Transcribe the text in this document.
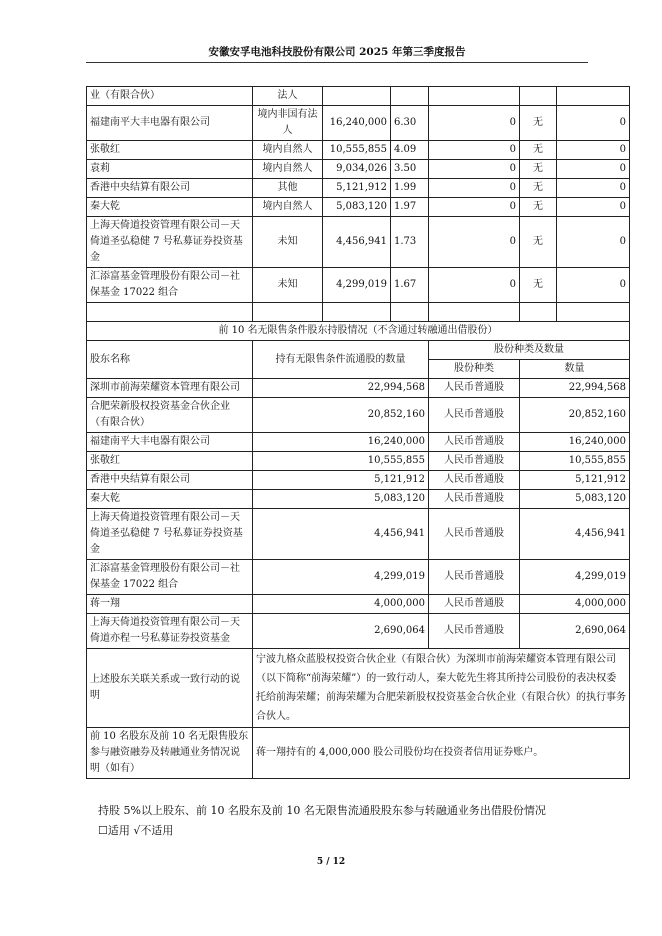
安徽安孚电池科技股份有限公司 2025 年第三季度报告
业（有限合伙）	法人					
福建南平大丰电器有限公司	境内非国有法人	16,240,000	6.30	0	无	0
张敬红	境内自然人	10,555,855	4.09	0	无	0
袁莉	境内自然人	9,034,026	3.50	0	无	0
香港中央结算有限公司	其他	5,121,912	1.99	0	无	0
秦大乾	境内自然人	5,083,120	1.97	0	无	0
上海天倚道投资管理有限公司－天倚道圣弘稳健 7 号私募证券投资基金	未知	4,456,941	1.73	0	无	0
汇添富基金管理股份有限公司－社保基金 17022 组合	未知	4,299,019	1.67	0	无	0

前 10 名无限售条件股东持股情况（不含通过转融通出借股份）						
股东名称	持有无限售条件流通股的数量			股份种类及数量		
				股份种类	数量	
深圳市前海荣耀资本管理有限公司	22,994,568			人民币普通股	22,994,568	
合肥荣新股权投资基金合伙企业（有限合伙）	20,852,160			人民币普通股	20,852,160	
福建南平大丰电器有限公司	16,240,000			人民币普通股	16,240,000	
张敬红	10,555,855			人民币普通股	10,555,855	
香港中央结算有限公司	5,121,912			人民币普通股	5,121,912	
秦大乾	5,083,120			人民币普通股	5,083,120	
上海天倚道投资管理有限公司－天倚道圣弘稳健 7 号私募证券投资基金	4,456,941			人民币普通股	4,456,941	
汇添富基金管理股份有限公司－社保基金 17022 组合	4,299,019			人民币普通股	4,299,019	
蒋一翔	4,000,000			人民币普通股	4,000,000	
上海天倚道投资管理有限公司－天倚道亦程一号私募证券投资基金	2,690,064			人民币普通股	2,690,064	
上述股东关联关系或一致行动的说明	宁波九格众蓝股权投资合伙企业（有限合伙）为深圳市前海荣耀资本管理有限公司（以下简称“前海荣耀”）的一致行动人，秦大乾先生将其所持公司股份的表决权委托给前海荣耀；前海荣耀为合肥荣新股权投资基金合伙企业（有限合伙）的执行事务合伙人。					
前 10 名股东及前 10 名无限售股东参与融资融券及转融通业务情况说明（如有）	蒋一翔持有的 4,000,000 股公司股份均在投资者信用证券账户。					
持股 5%以上股东、前 10 名股东及前 10 名无限售流通股股东参与转融通业务出借股份情况
☐适用 √不适用
5 / 12
